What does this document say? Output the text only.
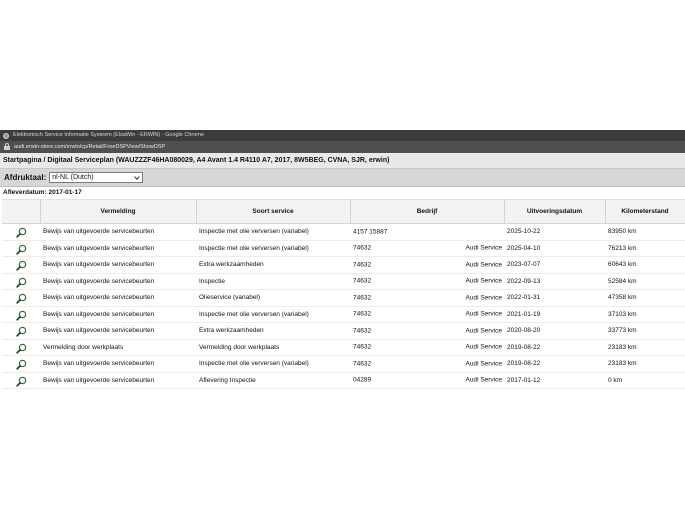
Elektronisch Service Informatie Systeem (ElsaWin - ERWIN) - Google Chrome
audi.erwin-store.com/erwin/cp/Retail/FreeDSPView/ShowDSP
Startpagina / Digitaal Serviceplan (WAUZZZF46HA080029, A4 Avant 1.4 R4110 A7, 2017, 8W5BEG, CVNA, SJR, erwin)
Afdruktaal: nl-NL (Dutch)
Afleverdatum: 2017-01-17
	Vermelding	Soort service	Bedrijf	Uitvoeringsdatum	Kilometerstand
	Bewijs van uitgevoerde servicebeurten	Inspectie met olie verversen (variabel)	4157 15887	2025-10-22	83950 km
	Bewijs van uitgevoerde servicebeurten	Inspectie met olie verversen (variabel)	74632 Audi Service	2025-04-10	76213 km
	Bewijs van uitgevoerde servicebeurten	Extra werkzaamheden	74632 Audi Service	2023-07-07	60643 km
	Bewijs van uitgevoerde servicebeurten	Inspectie	74632 Audi Service	2022-09-13	52584 km
	Bewijs van uitgevoerde servicebeurten	Olieservice (variabel)	74632 Audi Service	2022-01-31	47358 km
	Bewijs van uitgevoerde servicebeurten	Inspectie met olie verversen (variabel)	74632 Audi Service	2021-01-19	37103 km
	Bewijs van uitgevoerde servicebeurten	Extra werkzaamheden	74632 Audi Service	2020-08-20	33773 km
	Vermelding door werkplaats	Vermelding door werkplaats	74632 Audi Service	2019-08-22	23183 km
	Bewijs van uitgevoerde servicebeurten	Inspectie met olie verversen (variabel)	74632 Audi Service	2019-08-22	23183 km
	Bewijs van uitgevoerde servicebeurten	Aflevering Inspectie	04289 Audi Service	2017-01-12	0 km
